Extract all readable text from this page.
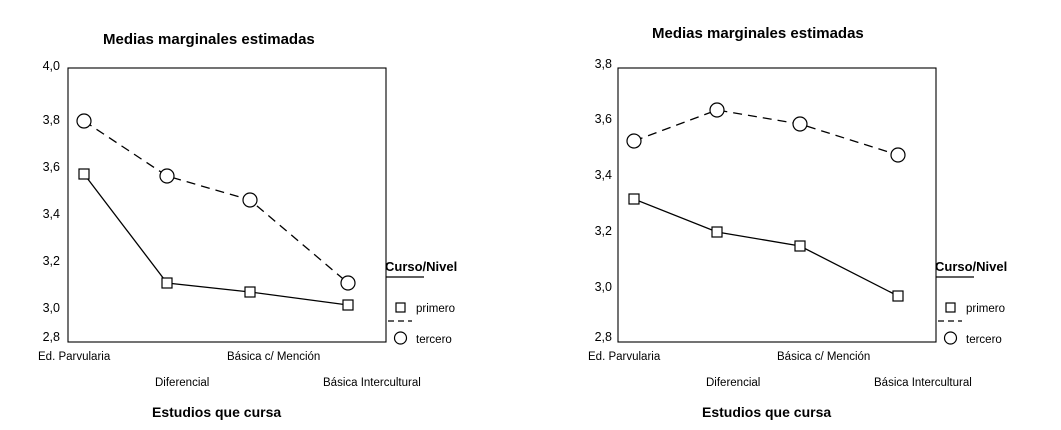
Medias marginales estimadas
4,0
3,8
3,6
3,4
3,2
3,0
2,8
Ed. Parvularia
Diferencial
Básica c/ Mención
Básica Intercultural
Estudios que cursa
Curso/Nivel
primero
tercero
Medias marginales estimadas
3,8
3,6
3,4
3,2
3,0
2,8
Ed. Parvularia
Diferencial
Básica c/ Mención
Básica Intercultural
Estudios que cursa
Curso/Nivel
primero
tercero
